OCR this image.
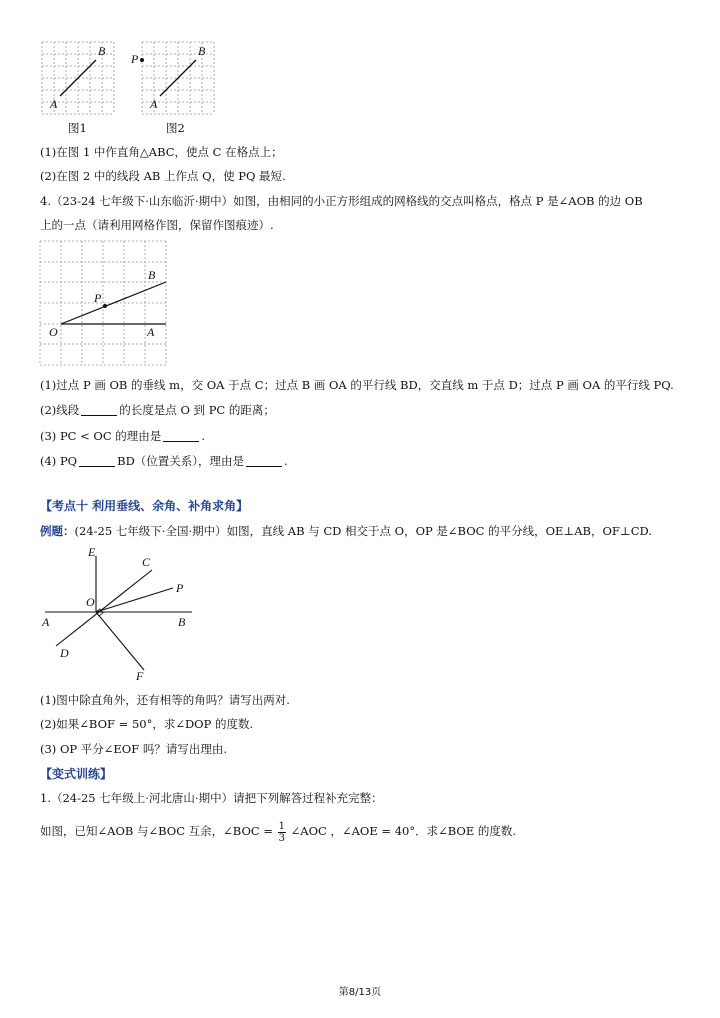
B
A
P
B
A
图1	图2
(1)在图 1 中作直角△ABC，使点 C 在格点上；
(2)在图 2 中的线段 AB 上作点 Q，使 PQ 最短.
4.（23-24 七年级下·山东临沂·期中）如图，由相同的小正方形组成的网格线的交点叫格点，格点 P 是∠AOB 的边 OB
上的一点（请利用网格作图，保留作图痕迹）.
O	A
B
P
(1)过点 P 画 OB 的垂线 m，交 OA 于点 C；过点 B 画 OA 的平行线 BD，交直线 m 于点 D；过点 P 画 OA 的平行线 PQ.
(2)线段	的长度是点 O 到 PC 的距离；
(3) PC < OC 的理由是	.
(4) PQ	BD（位置关系），理由是	.
【考点十 利用垂线、余角、补角求角】
例题：(24-25 七年级下·全国·期中）如图，直线 AB 与 CD 相交于点 O，OP 是∠BOC 的平分线，OE⊥AB，OF⊥CD.
E
C
P
O
A	B
D
F
(1)图中除直角外，还有相等的角吗？请写出两对.
(2)如果∠BOF = 50°，求∠DOP 的度数.
(3) OP 平分∠EOF 吗？请写出理由.
【变式训练】
1.（24-25 七年级上·河北唐山·期中）请把下列解答过程补充完整：
如图，已知∠AOB 与∠BOC 互余，∠BOC = $\frac{1}{3}$ ∠AOC ，∠AOE = 40°．求∠BOE 的度数.
第8/13页
